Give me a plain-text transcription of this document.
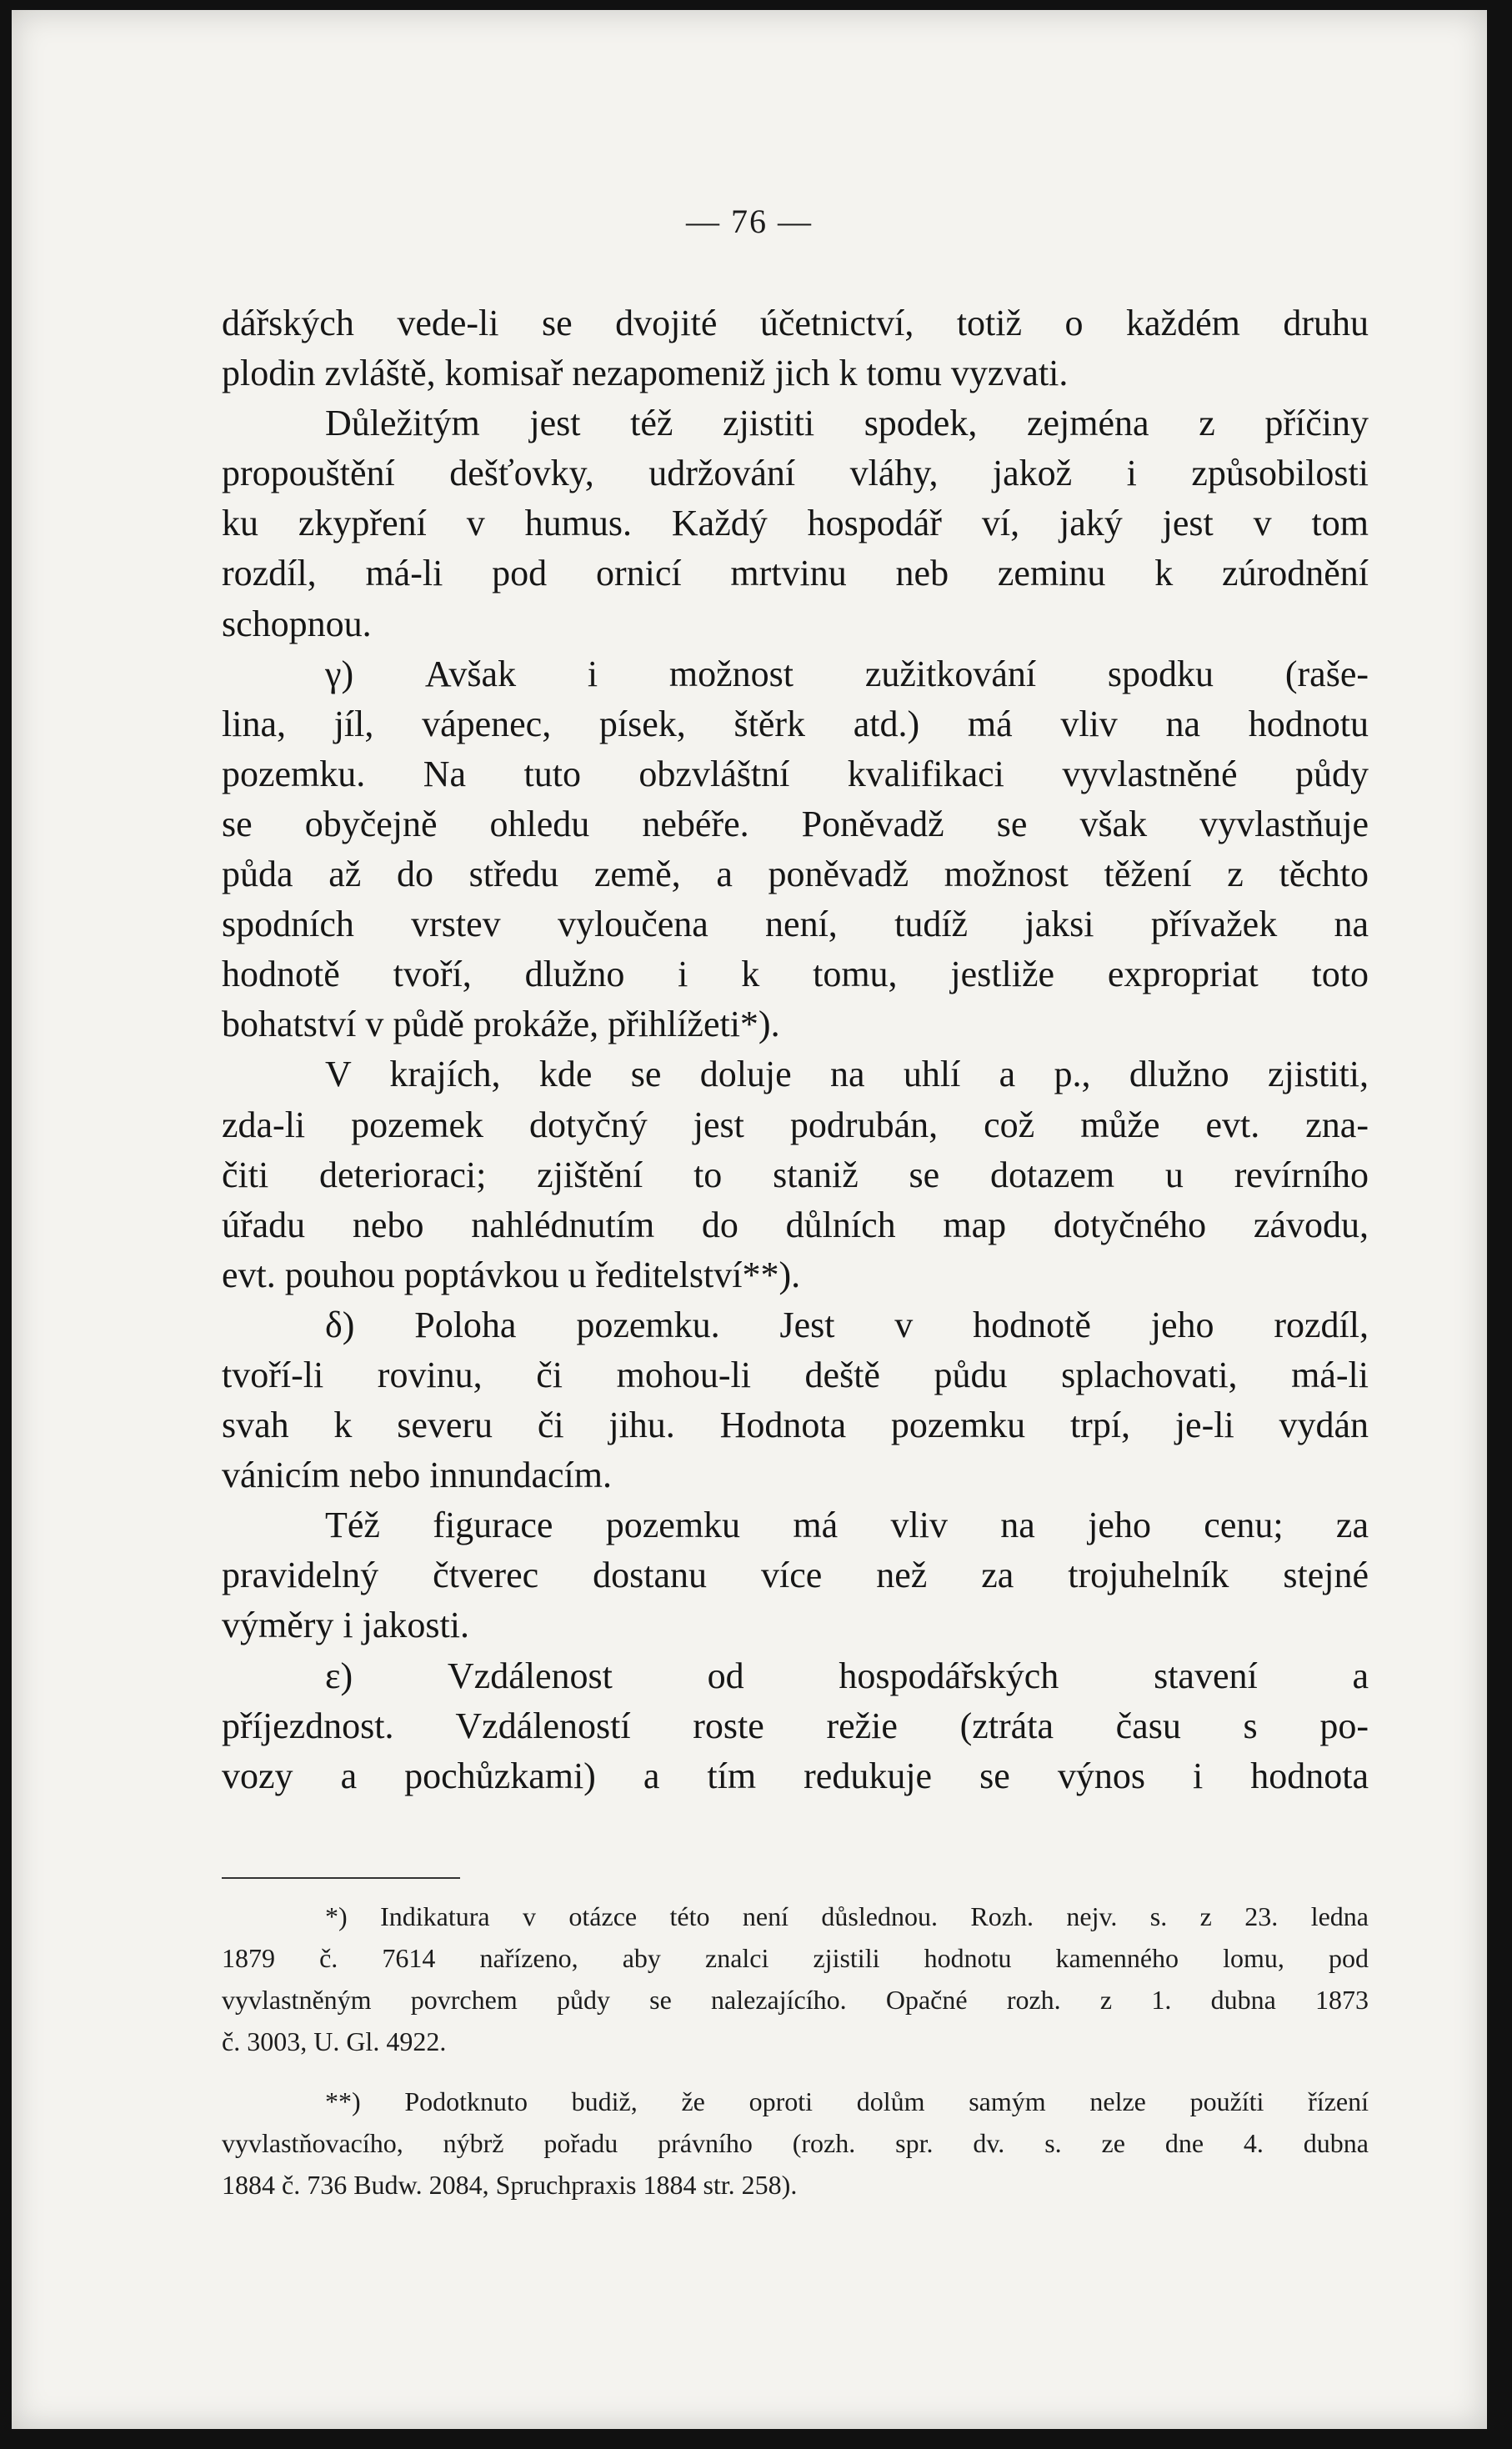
— 76 —
dářských vede-li se dvojité účetnictví, totiž o každém druhu
plodin zvláště, komisař nezapomeniž jich k tomu vyzvati.
Důležitým jest též zjistiti spodek, zejména z příčiny
propouštění dešťovky, udržování vláhy, jakož i způsobilosti
ku zkypření v humus. Každý hospodář ví, jaký jest v tom
rozdíl, má-li pod ornicí mrtvinu neb zeminu k zúrodnění
schopnou.
γ) Avšak i možnost zužitkování spodku (raše-
lina, jíl, vápenec, písek, štěrk atd.) má vliv na hodnotu
pozemku. Na tuto obzvláštní kvalifikaci vyvlastněné půdy
se obyčejně ohledu nebéře. Poněvadž se však vyvlastňuje
půda až do středu země, a poněvadž možnost těžení z těchto
spodních vrstev vyloučena není, tudíž jaksi přívažek na
hodnotě tvoří, dlužno i k tomu, jestliže expropriat toto
bohatství v půdě prokáže, přihlížeti*).
V krajích, kde se doluje na uhlí a p., dlužno zjistiti,
zda-li pozemek dotyčný jest podrubán, což může evt. zna-
čiti deterioraci; zjištění to staniž se dotazem u revírního
úřadu nebo nahlédnutím do důlních map dotyčného závodu,
evt. pouhou poptávkou u ředitelství**).
δ) Poloha pozemku. Jest v hodnotě jeho rozdíl,
tvoří-li rovinu, či mohou-li deště půdu splachovati, má-li
svah k severu či jihu. Hodnota pozemku trpí, je-li vydán
vánicím nebo innundacím.
Též figurace pozemku má vliv na jeho cenu; za
pravidelný čtverec dostanu více než za trojuhelník stejné
výměry i jakosti.
ε) Vzdálenost od hospodářských stavení a
příjezdnost. Vzdáleností roste režie (ztráta času s po-
vozy a pochůzkami) a tím redukuje se výnos i hodnota

*) Indikatura v otázce této není důslednou. Rozh. nejv. s. z 23. ledna
1879 č. 7614 nařízeno, aby znalci zjistili hodnotu kamenného lomu, pod
vyvlastněným povrchem půdy se nalezajícího. Opačné rozh. z 1. dubna 1873
č. 3003, U. Gl. 4922.

**) Podotknuto budiž, že oproti dolům samým nelze použíti řízení
vyvlastňovacího, nýbrž pořadu právního (rozh. spr. dv. s. ze dne 4. dubna
1884 č. 736 Budw. 2084, Spruchpraxis 1884 str. 258).
